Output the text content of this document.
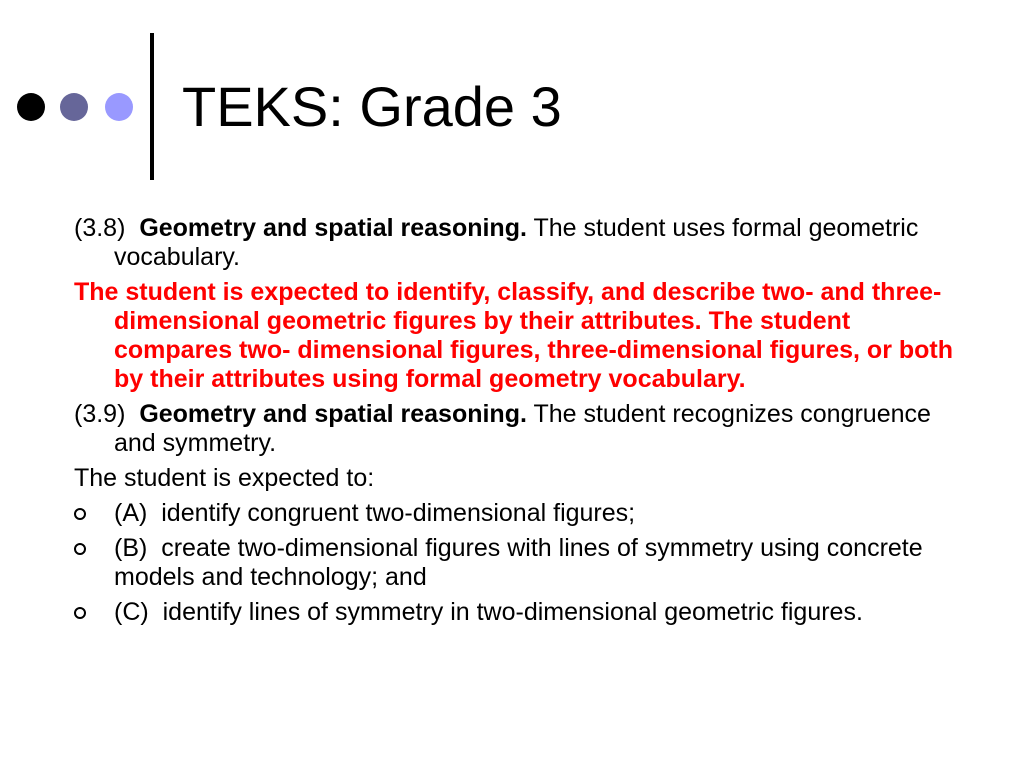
TEKS: Grade 3

(3.8) Geometry and spatial reasoning. The student uses formal geometric vocabulary.

The student is expected to identify, classify, and describe two- and three-dimensional geometric figures by their attributes. The student compares two- dimensional figures, three-dimensional figures, or both by their attributes using formal geometry vocabulary.

(3.9) Geometry and spatial reasoning. The student recognizes congruence and symmetry.

The student is expected to:

(A) identify congruent two-dimensional figures;
(B) create two-dimensional figures with lines of symmetry using concrete models and technology; and
(C) identify lines of symmetry in two-dimensional geometric figures.
